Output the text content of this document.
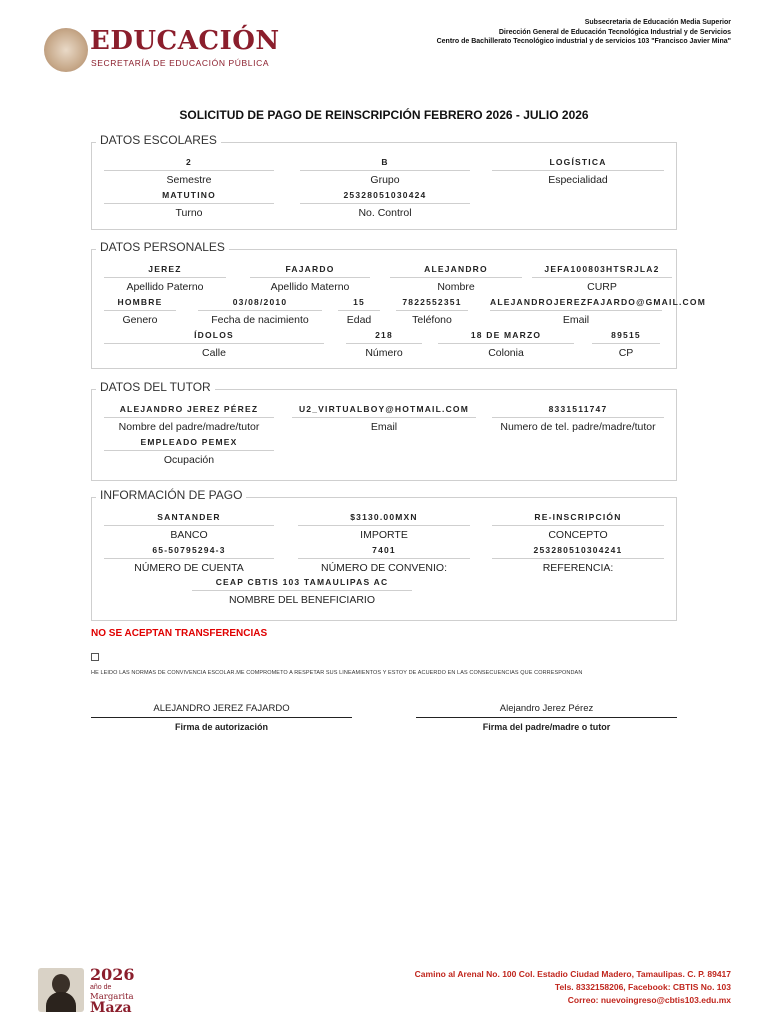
EDUCACIÓN
SECRETARÍA DE EDUCACIÓN PÚBLICA
Subsecretaria de Educación Media Superior
Dirección General de Educación Tecnológica Industrial y de Servicios
Centro de Bachillerato Tecnológico industrial y de servicios 103 "Francisco Javier Mina"
SOLICITUD DE PAGO DE REINSCRIPCIÓN FEBRERO 2026 - JULIO 2026
DATOS ESCOLARES
2
Semestre
B
Grupo
LOGÍSTICA
Especialidad
MATUTINO
Turno
25328051030424
No. Control
DATOS PERSONALES
JEREZ
Apellido Paterno
FAJARDO
Apellido Materno
ALEJANDRO
Nombre
JEFA100803HTSRJLA2
CURP
HOMBRE
Genero
03/08/2010
Fecha de nacimiento
15
Edad
7822552351
Teléfono
ALEJANDROJEREZFAJARDO@GMAIL.COM
Email
ÍDOLOS
Calle
218
Número
18 DE MARZO
Colonia
89515
CP
DATOS DEL TUTOR
ALEJANDRO JEREZ PÉREZ
Nombre del padre/madre/tutor
U2_VIRTUALBOY@HOTMAIL.COM
Email
8331511747
Numero de tel. padre/madre/tutor
EMPLEADO PEMEX
Ocupación
INFORMACIÓN DE PAGO
SANTANDER
BANCO
$3130.00MXN
IMPORTE
RE-INSCRIPCIÓN
CONCEPTO
65-50795294-3
NÚMERO DE CUENTA
7401
NÚMERO DE CONVENIO:
253280510304241
REFERENCIA:
CEAP CBTIS 103 TAMAULIPAS AC
NOMBRE DEL BENEFICIARIO
NO SE ACEPTAN TRANSFERENCIAS
HE LEIDO LAS NORMAS DE CONVIVENCIA ESCOLAR.ME COMPROMETO A RESPETAR SUS LINEAMIENTOS Y ESTOY DE ACUERDO EN LAS CONSECUENCIAS QUE CORRESPONDAN
ALEJANDRO JEREZ FAJARDO
Firma de autorización
Alejandro Jerez Pérez
Firma del padre/madre o tutor
2026
año de
Margarita
Maza
Camino al Arenal No. 100 Col. Estadio Ciudad Madero, Tamaulipas. C. P. 89417
Tels. 8332158206, Facebook: CBTIS No. 103
Correo: nuevoingreso@cbtis103.edu.mx
